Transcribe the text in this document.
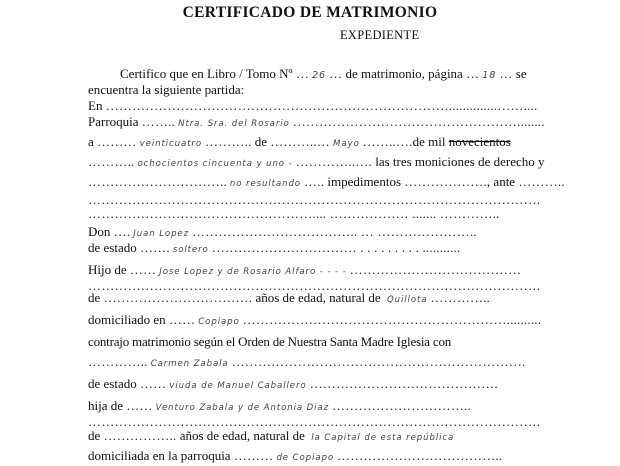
CERTIFICADO DE MATRIMONIO
EXPEDIENTE
Certifico que en Libro / Tomo Nº … 26 … de matrimonio, página … 18 … se
encuentra la siguiente partida:
En ……………………………………………………………………..............……....
Parroquia …….. Ntra. Sra. del Rosario ……………………………………………........
a ……… veinticuatro ……….. de ………..… Mayo ……..….de mil novecientos
……….. ochocientos cincuenta y uno - …………..…. las tres moniciones de derecho y
………………………….. no resultando ….. impedimentos ………………., ante ………..
………………………………………………………………………………………….
…………………………………………….... ……………… ....... …………..
Don …. Juan Lopez ……………………………….. … …………………..
de estado ……. soltero …………………………… . . . . . . . . . ...........
Hijo de …… Jose Lopez y de Rosario Alfaro - - - - …………………………………
………………………………………………………………………………………….
de ……………………………. años de edad, natural de Quillota …………..
domiciliado en …… Copiapo ……………………………………………………..........
contrajo matrimonio según el Orden de Nuestra Santa Madre Iglesia con
………….. Carmen Zabala ………………………………………………………….
de estado …… viuda de Manuel Caballero …………………………………….
hija de …… Venturo Zabala y de Antonia Diaz …………………………..
………………………………………………………………………………………….
de …………….. años de edad, natural de la Capital de esta república
domiciliada en la parroquia ……… de Copiapo ………………………………..
